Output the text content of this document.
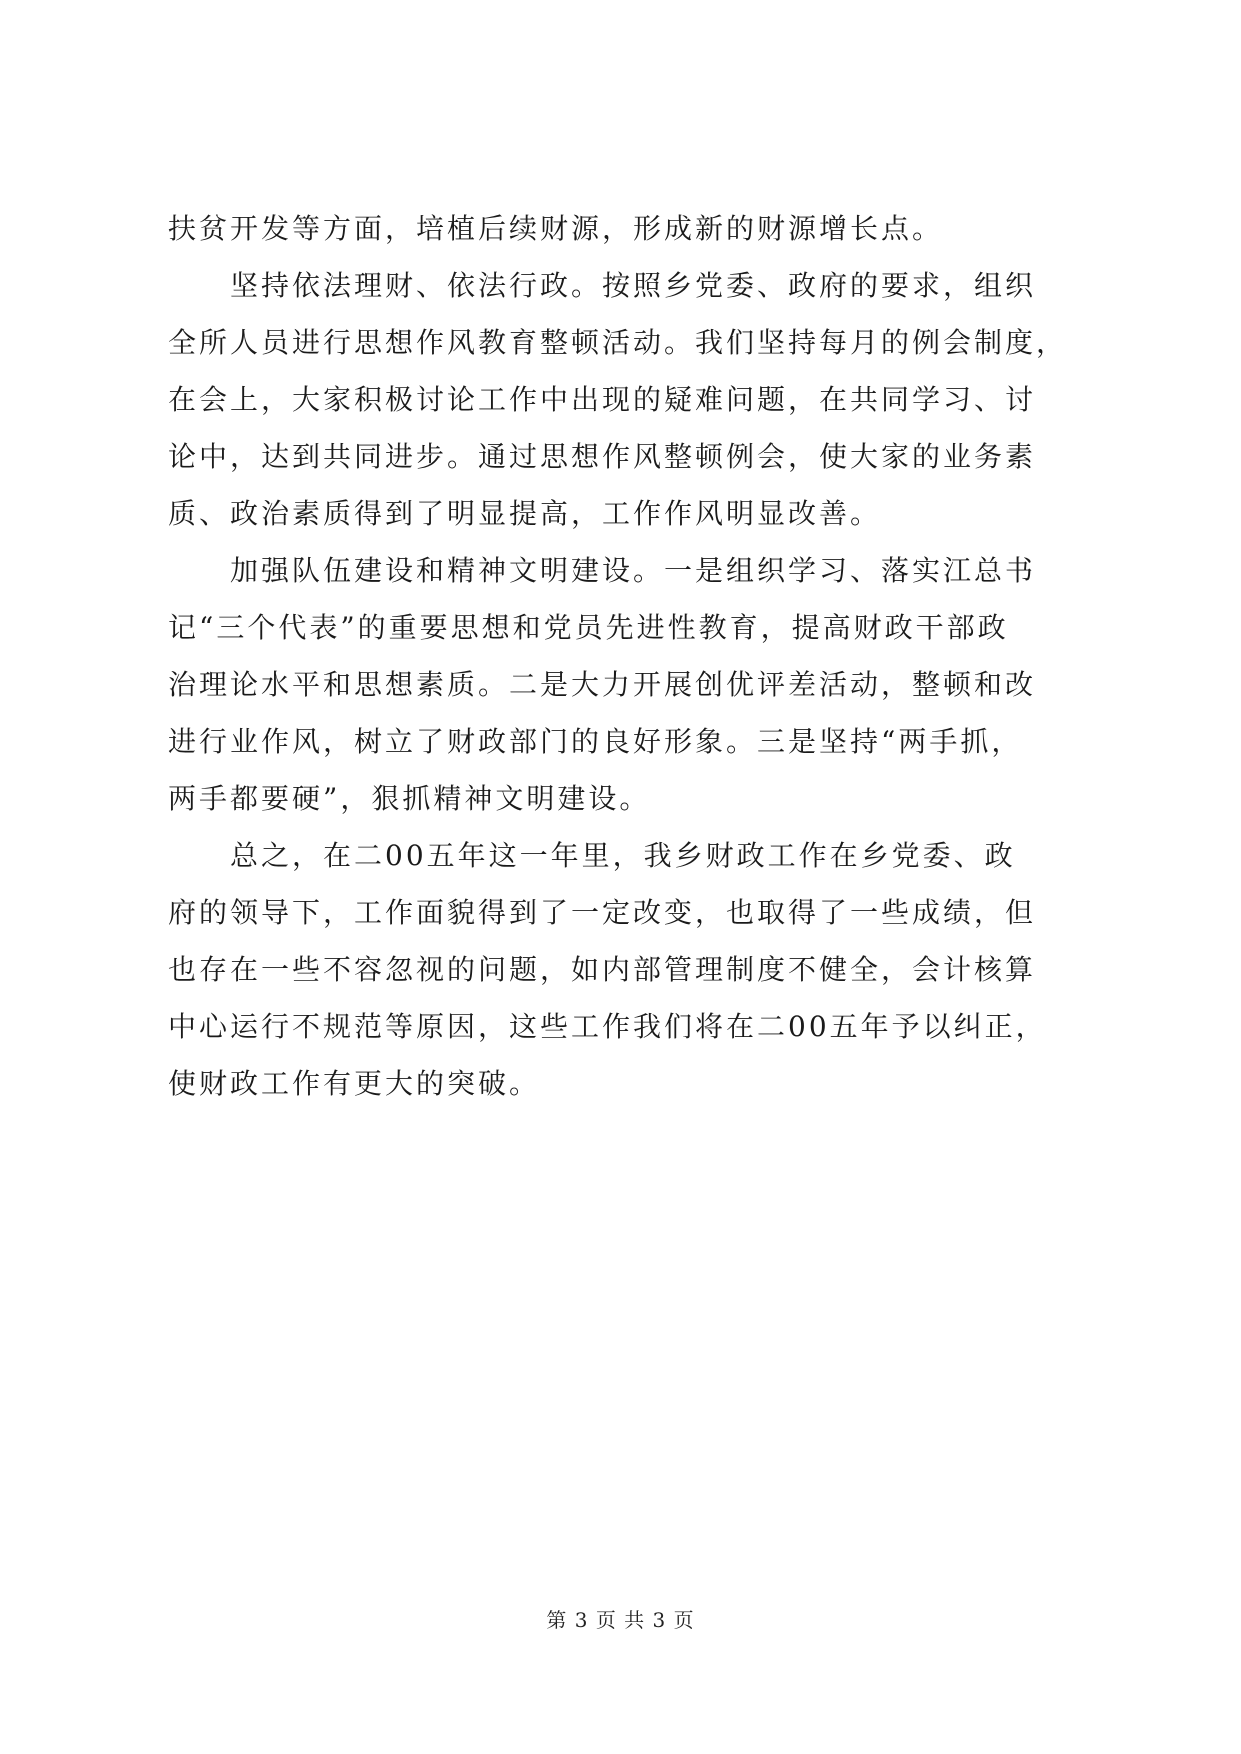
扶贫开发等方面，培植后续财源，形成新的财源增长点。
坚持依法理财、依法行政。按照乡党委、政府的要求，组织
全所人员进行思想作风教育整顿活动。我们坚持每月的例会制度，
在会上，大家积极讨论工作中出现的疑难问题，在共同学习、讨
论中，达到共同进步。通过思想作风整顿例会，使大家的业务素
质、政治素质得到了明显提高，工作作风明显改善。
加强队伍建设和精神文明建设。一是组织学习、落实江总书
记“三个代表”的重要思想和党员先进性教育，提高财政干部政
治理论水平和思想素质。二是大力开展创优评差活动，整顿和改
进行业作风，树立了财政部门的良好形象。三是坚持“两手抓，
两手都要硬”，狠抓精神文明建设。
总之，在二00五年这一年里，我乡财政工作在乡党委、政
府的领导下，工作面貌得到了一定改变，也取得了一些成绩，但
也存在一些不容忽视的问题，如内部管理制度不健全，会计核算
中心运行不规范等原因，这些工作我们将在二00五年予以纠正，
使财政工作有更大的突破。
第 3 页 共 3 页
